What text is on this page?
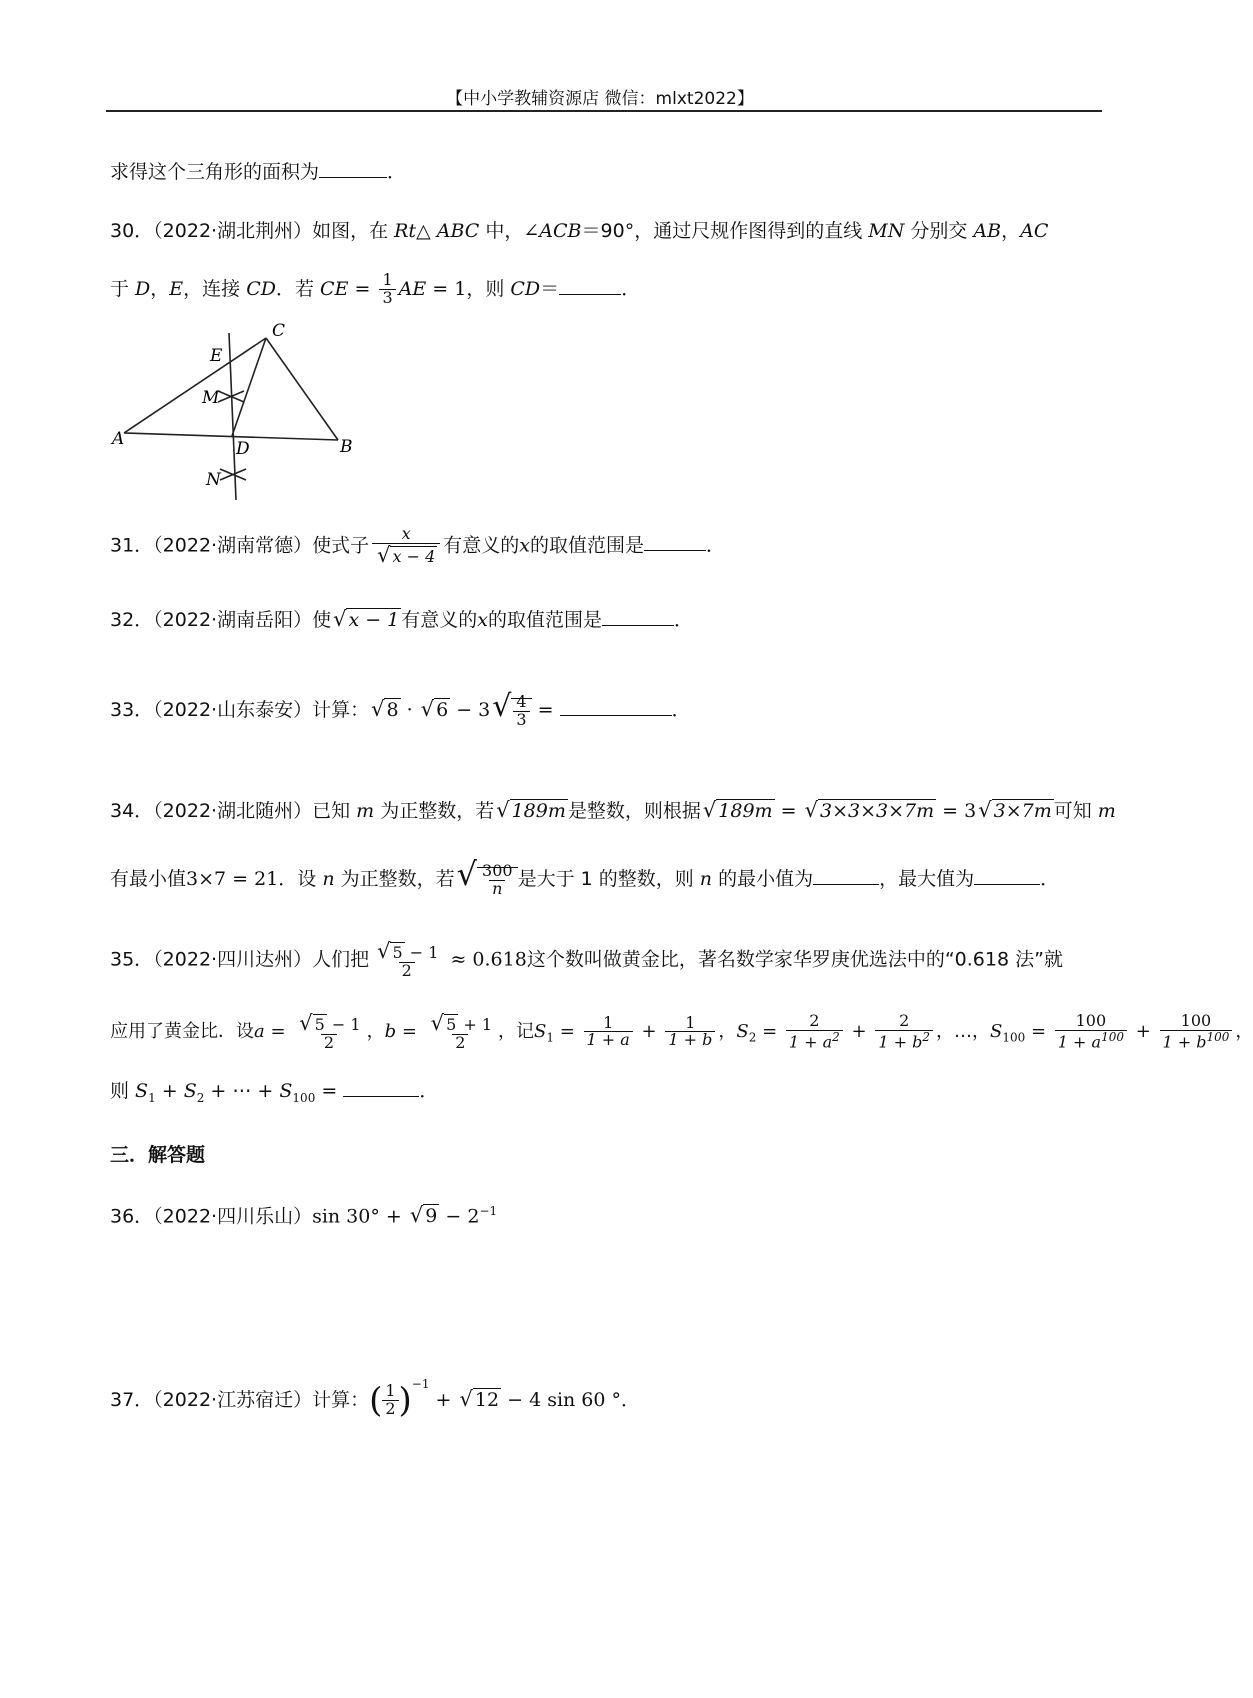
【中小学教辅资源店 微信：mlxt2022】
求得这个三角形的面积为	．
30．（2022·湖北荆州）如图，在 Rt△ ABC 中，∠ACB＝90°，通过尺规作图得到的直线 MN 分别交 AB，AC
于 D，E，连接 CD．若 CE = $\frac{1}{3}$ AE = 1，则 CD＝	．
A	B
C
D
E
M
N
31．（2022·湖南常德）使式子 $\frac{x}{√ x - 4}$ 有意义的x的取值范围是	．
32．（2022·湖南岳阳）使√ x − 1 有意义的x的取值范围是	．
33．（2022·山东泰安）计算：√ 8 · √ $6 - 3√ \frac{4}{3}$ =	．
34．（2022·湖北随州）已知 m 为正整数，若√ 189m 是整数，则根据√ 189m = √ 3×3×3×7m = 3√ 3×7m 可知 m
有最小值3×7 = 21．设 n 为正整数，若√ $\frac{300}{n}$ 是大于 1 的整数，则 n 的最小值为	，最大值为	．
35．（2022·四川达州）人们把 $\frac{√ 5 - 1}{2} \approx 0.618$这个数叫做黄金比，著名数学家华罗庚优选法中的“0.618 法”就
应用了黄金比．设$a = \frac{√ 5 - 1}{2}$ ，$b = \frac{√ 5 + 1}{2}$ ，记$S_1 = \frac{1}{1 + a} + \frac{1}{1 + b}$ ，$S_2 = \frac{2}{1 + a^2} + \frac{2}{1 + b^2}$ ，…，$S_{100} = \frac{100}{1 + a^{100}} + \frac{100}{1 + b^{100}}$ ，
则 $S_1 + S_2$ + ⋯ + $S_{100}$ =	．
三．解答题
36．（2022·四川乐山）sin 30° + √ $9 - 2^{-1}$
37．（2022·江苏宿迁）计算：( $\frac{1}{2} )^{-1}$ + √ 12 − 4 sin 60 °．
